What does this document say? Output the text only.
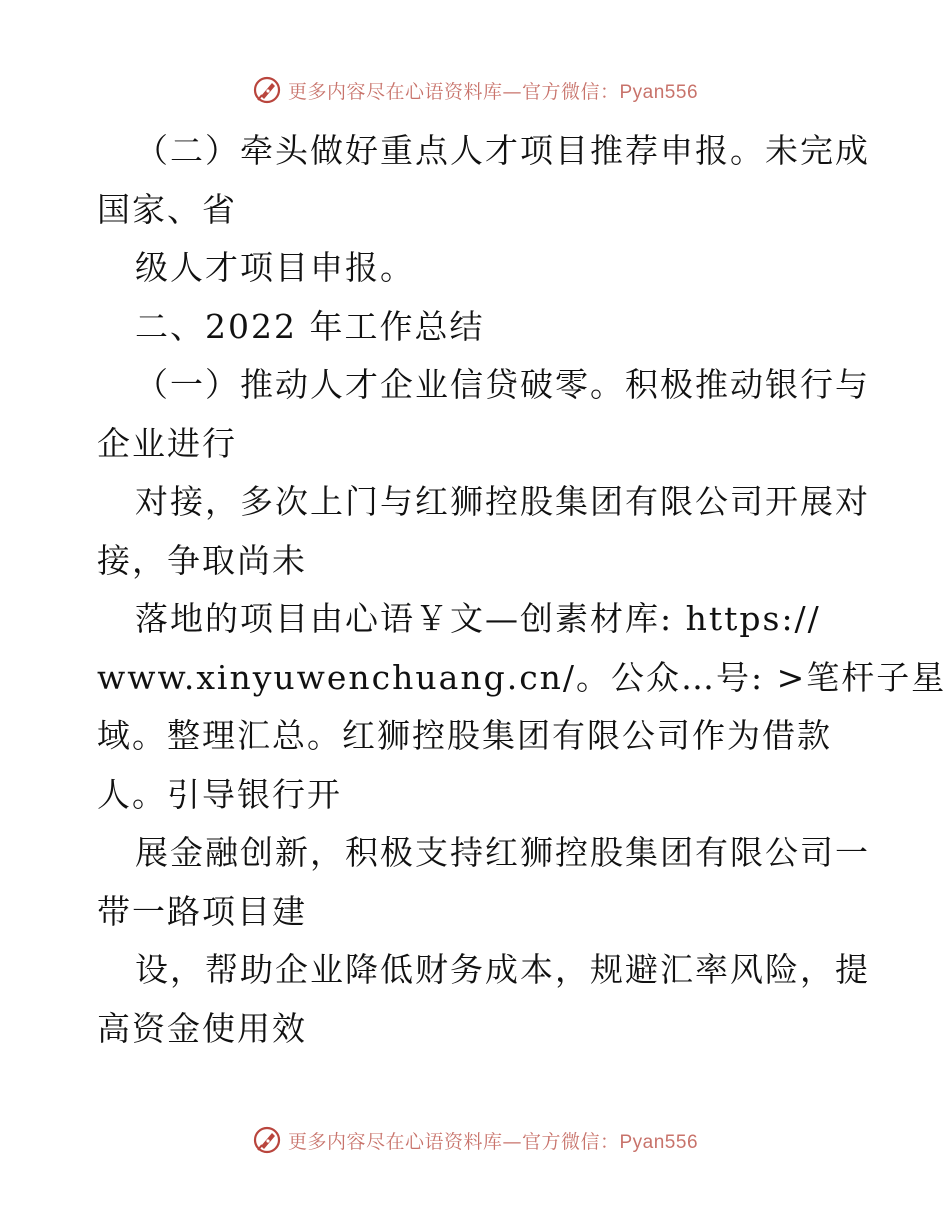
更多内容尽在心语资料库—官方微信：Pyan556
（二）牵头做好重点人才项目推荐申报。未完成
国家、省
级人才项目申报。
二、2022 年工作总结
（一）推动人才企业信贷破零。积极推动银行与
企业进行
对接，多次上门与红狮控股集团有限公司开展对
接，争取尚未
落地的项目由心语￥文—创素材库: https://
www.xinyuwenchuang.cn/。公众…号: >笔杆子星
域。整理汇总。红狮控股集团有限公司作为借款
人。引导银行开
展金融创新，积极支持红狮控股集团有限公司一
带一路项目建
设，帮助企业降低财务成本，规避汇率风险，提
高资金使用效
更多内容尽在心语资料库—官方微信：Pyan556
